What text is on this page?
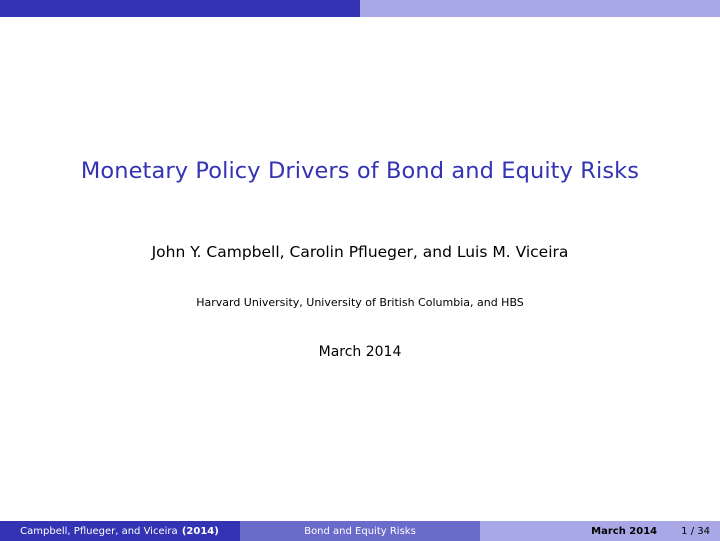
Monetary Policy Drivers of Bond and Equity Risks
John Y. Campbell, Carolin Pflueger, and Luis M. Viceira
Harvard University, University of British Columbia, and HBS
March 2014
Campbell, Pflueger, and Viceira
(2014)	Bond and Equity Risks	March 2014 1
/
34
